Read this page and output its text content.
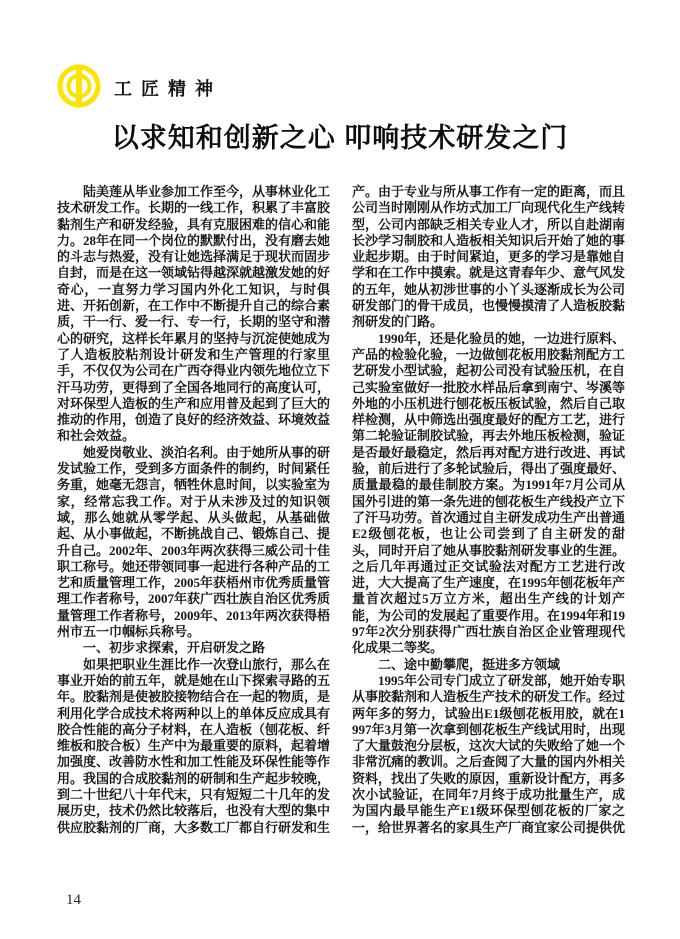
工匠精神
以求知和创新之心 叩响技术研发之门

陆美莲从毕业参加工作至今，从事林业化工技术研发工作。长期的一线工作，积累了丰富胶黏剂生产和研发经验，具有克服困难的信心和能力。28年在同一个岗位的默默付出，没有磨去她的斗志与热爱，没有让她选择满足于现状而固步自封，而是在这一领域钻得越深就越激发她的好奇心，一直努力学习国内外化工知识，与时俱进、开拓创新，在工作中不断提升自己的综合素质，干一行、爱一行、专一行，长期的坚守和潜心的研究，这样长年累月的坚持与沉淀使她成为了人造板胶粘剂设计研发和生产管理的行家里手，不仅仅为公司在广西夺得业内领先地位立下汗马功劳，更得到了全国各地同行的高度认可，对环保型人造板的生产和应用普及起到了巨大的推动的作用，创造了良好的经济效益、环境效益和社会效益。

她爱岗敬业、淡泊名利。由于她所从事的研发试验工作，受到多方面条件的制约，时间紧任务重，她毫无怨言，牺牲休息时间，以实验室为家，经常忘我工作。对于从未涉及过的知识领域，那么她就从零学起、从头做起，从基础做起、从小事做起，不断挑战自己、锻炼自己、提升自己。2002年、2003年两次获得三威公司十佳职工称号。她还带领同事一起进行各种产品的工艺和质量管理工作，2005年获梧州市优秀质量管理工作者称号，2007年获广西壮族自治区优秀质量管理工作者称号，2009年、2013年两次获得梧州市五一巾帼标兵称号。

一、初步求探索，开启研发之路

如果把职业生涯比作一次登山旅行，那么在事业开始的前五年，就是她在山下探索寻路的五年。胶黏剂是使被胶接物结合在一起的物质，是利用化学合成技术将两种以上的单体反应成具有胶合性能的高分子材料，在人造板（刨花板、纤维板和胶合板）生产中为最重要的原料，起着增加强度、改善防水性和加工性能及环保性能等作用。我国的合成胶黏剂的研制和生产起步较晚，到二十世纪八十年代末，只有短短二十几年的发展历史，技术仍然比较落后，也没有大型的集中供应胶黏剂的厂商，大多数工厂都自行研发和生

产。由于专业与所从事工作有一定的距离，而且公司当时刚刚从作坊式加工厂向现代化生产线转型，公司内部缺乏相关专业人才，所以自赴湖南长沙学习制胶和人造板相关知识后开始了她的事业起步期。由于时间紧迫，更多的学习是靠她自学和在工作中摸索。就是这青春年少、意气风发的五年，她从初涉世事的小丫头逐渐成长为公司研发部门的骨干成员，也慢慢摸清了人造板胶黏剂研发的门路。

1990年，还是化验员的她，一边进行原料、产品的检验化验，一边做刨花板用胶黏剂配方工艺研发小型试验，起初公司没有试验压机，在自己实验室做好一批胶水样品后拿到南宁、岑溪等外地的小压机进行刨花板压板试验，然后自己取样检测，从中筛选出强度最好的配方工艺，进行第二轮验证制胶试验，再去外地压板检测，验证是否最好最稳定，然后再对配方进行改进、再试验，前后进行了多轮试验后，得出了强度最好、质量最稳的最佳制胶方案。为1991年7月公司从国外引进的第一条先进的刨花板生产线投产立下了汗马功劳。首次通过自主研发成功生产出普通E2级刨花板，也让公司尝到了自主研发的甜头，同时开启了她从事胶黏剂研发事业的生涯。之后几年再通过正交试验法对配方工艺进行改进，大大提高了生产速度，在1995年刨花板年产量首次超过5万立方米，超出生产线的计划产能，为公司的发展起了重要作用。在1994年和1997年2次分别获得广西壮族自治区企业管理现代化成果二等奖。

二、途中勤攀爬，挺进多方领域

1995年公司专门成立了研发部，她开始专职从事胶黏剂和人造板生产技术的研发工作。经过两年多的努力，试验出E1级刨花板用胶，就在1997年3月第一次拿到刨花板生产线试用时，出现了大量鼓泡分层板，这次大试的失败给了她一个非常沉痛的教训。之后查阅了大量的国内外相关资料，找出了失败的原因，重新设计配方，再多次小试验证，在同年7月终于成功批量生产，成为国内最早能生产E1级环保型刨花板的厂家之一，给世界著名的家具生产厂商宜家公司提供优

14
